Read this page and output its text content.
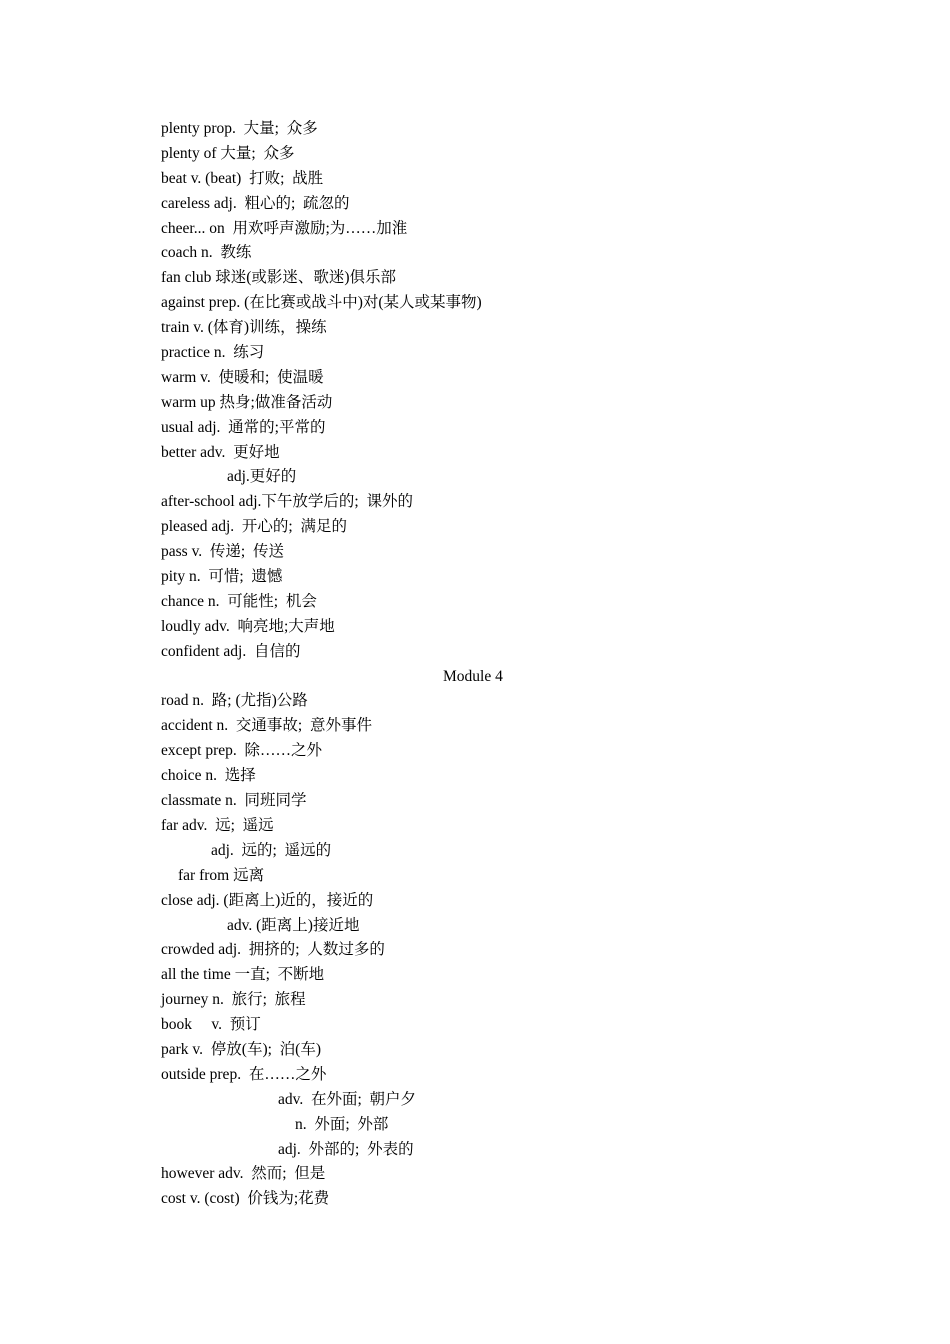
plenty prop.  大量;  众多
plenty of 大量;  众多
beat v. (beat)  打败;  战胜
careless adj.  粗心的;  疏忽的
cheer... on  用欢呼声激励;为……加淮
coach n.  教练
fan club 球迷(或影迷、歌迷)俱乐部
against prep. (在比赛或战斗中)对(某人或某事物)
train v. (体育)训练，操练
practice n.  练习
warm v.  使暖和;  使温暖
warm up 热身;做准备活动
usual adj.  通常的;平常的
better adv.  更好地
adj.更好的
after-school adj.下午放学后的;  课外的
pleased adj.  开心的;  满足的
pass v.  传递;  传送
pity n.  可惜;  遗憾
chance n.  可能性;  机会
loudly adv.  响亮地;大声地
confident adj.  自信的
Module 4
road n.  路; (尤指)公路
accident n.  交通事故;  意外事件
except prep.  除……之外
choice n.  选择
classmate n.  同班同学
far adv.  远;  遥远
adj.  远的;  遥远的
far from 远离
close adj. (距离上)近的，接近的
adv. (距离上)接近地
crowded adj.  拥挤的;  人数过多的
all the time 一直;  不断地
journey n.  旅行;  旅程
book     v.  预订
park v.  停放(车);  泊(车)
outside prep.  在……之外
adv.  在外面;  朝户夕
n.  外面;  外部
adj.  外部的;  外表的
however adv.  然而;  但是
cost v. (cost)  价钱为;花费
